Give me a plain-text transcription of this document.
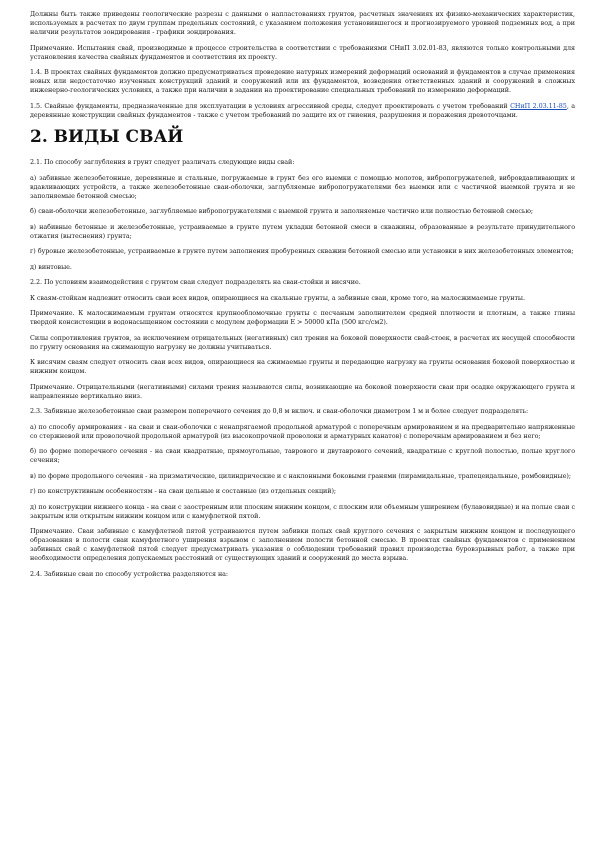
Должны быть также приведены геологические разрезы с данными о напластованиях грунтов, расчетных значениях их физико-механических характеристик, используемых в расчетах по двум группам предельных состояний, с указанием положения установившегося и прогнозируемого уровней подземных вод, а при наличии результатов зондирования - графики зондирования.

Примечание. Испытания свай, производимые в процессе строительства в соответствии с требованиями СНиП 3.02.01-83, являются только контрольными для установления качества свайных фундаментов и соответствия их проекту.

1.4. В проектах свайных фундаментов должно предусматриваться проведение натурных измерений деформаций оснований и фундаментов в случае применения новых или недостаточно изученных конструкций зданий и сооружений или их фундаментов, возведения ответственных зданий и сооружений в сложных инженерно-геологических условиях, а также при наличии в задании на проектирование специальных требований по измерению деформаций.

1.5. Свайные фундаменты, предназначенные для эксплуатации в условиях агрессивной среды, следует проектировать с учетом требований СНиП 2.03.11-85, а деревянные конструкции свайных фундаментов - также с учетом требований по защите их от гниения, разрушения и поражения древоточцами.

2. ВИДЫ СВАЙ

2.1. По способу заглубления в грунт следует различать следующие виды свай:

а) забивные железобетонные, деревянные и стальные, погружаемые в грунт без его выемки с помощью молотов, вибропогружателей, вибровдавливающих и вдавливающих устройств, а также железобетонные сваи-оболочки, заглубляемые вибропогружателями без выемки или с частичной выемкой грунта и не заполняемые бетонной смесью;

б) сваи-оболочки железобетонные, заглубляемые вибропогружателями с выемкой грунта и заполняемые частично или полностью бетонной смесью;

в) набивные бетонные и железобетонные, устраиваемые в грунте путем укладки бетонной смеси в скважины, образованные в результате принудительного отжатия (вытеснения) грунта;

г) буровые железобетонные, устраиваемые в грунте путем заполнения пробуренных скважин бетонной смесью или установки в них железобетонных элементов;

д) винтовые.

2.2. По условиям взаимодействия с грунтом сваи следует подразделять на сваи-стойки и висячие.

К сваям-стойкам надлежит относить сваи всех видов, опирающиеся на скальные грунты, а забивные сваи, кроме того, на малосжимаемые грунты.

Примечание. К малосжимаемым грунтам относятся крупнообломочные грунты с песчаным заполнителем средней плотности и плотным, а также глины твердой консистенции в водонасыщенном состоянии с модулем деформации E > 50000 кПа (500 кгс/см2).

Силы сопротивления грунтов, за исключением отрицательных (негативных) сил трения на боковой поверхности свай-стоек, в расчетах их несущей способности по грунту основания на сжимающую нагрузку не должны учитываться.

К висячим сваям следует относить сваи всех видов, опирающиеся на сжимаемые грунты и передающие нагрузку на грунты основания боковой поверхностью и нижним концом.

Примечание. Отрицательными (негативными) силами трения называются силы, возникающие на боковой поверхности сваи при осадке окружающего грунта и направленные вертикально вниз.

2.3. Забивные железобетонные сваи размером поперечного сечения до 0,8 м включ. и сваи-оболочки диаметром 1 м и более следует подразделять:

а) по способу армирования - на сваи и сваи-оболочки с ненапрягаемой продольной арматурой с поперечным армированием и на предварительно напряженные со стержневой или проволочной продольной арматурой (из высокопрочной проволоки и арматурных канатов) с поперечным армированием и без него;

б) по форме поперечного сечения - на сваи квадратные, прямоугольные, таврового и двутаврового сечений, квадратные с круглой полостью, полые круглого сечения;

в) по форме продольного сечения - на призматические, цилиндрические и с наклонными боковыми гранями (пирамидальные, трапецеидальные, ромбовидные);

г) по конструктивным особенностям - на сваи цельные и составные (из отдельных секций);

д) по конструкции нижнего конца - на сваи с заостренным или плоским нижним концом, с плоским или объемным уширением (булавовидные) и на полые сваи с закрытым или открытым нижним концом или с камуфлетной пятой.

Примечание. Сваи забивные с камуфлетной пятой устраиваются путем забивки полых свай круглого сечения с закрытым нижним концом и последующего образования в полости сваи камуфлетного уширения взрывом с заполнением полости бетонной смесью. В проектах свайных фундаментов с применением забивных свай с камуфлетной пятой следует предусматривать указания о соблюдении требований правил производства буровзрывных работ, а также при необходимости определения допускаемых расстояний от существующих зданий и сооружений до места взрыва.

2.4. Забивные сваи по способу устройства разделяются на:
